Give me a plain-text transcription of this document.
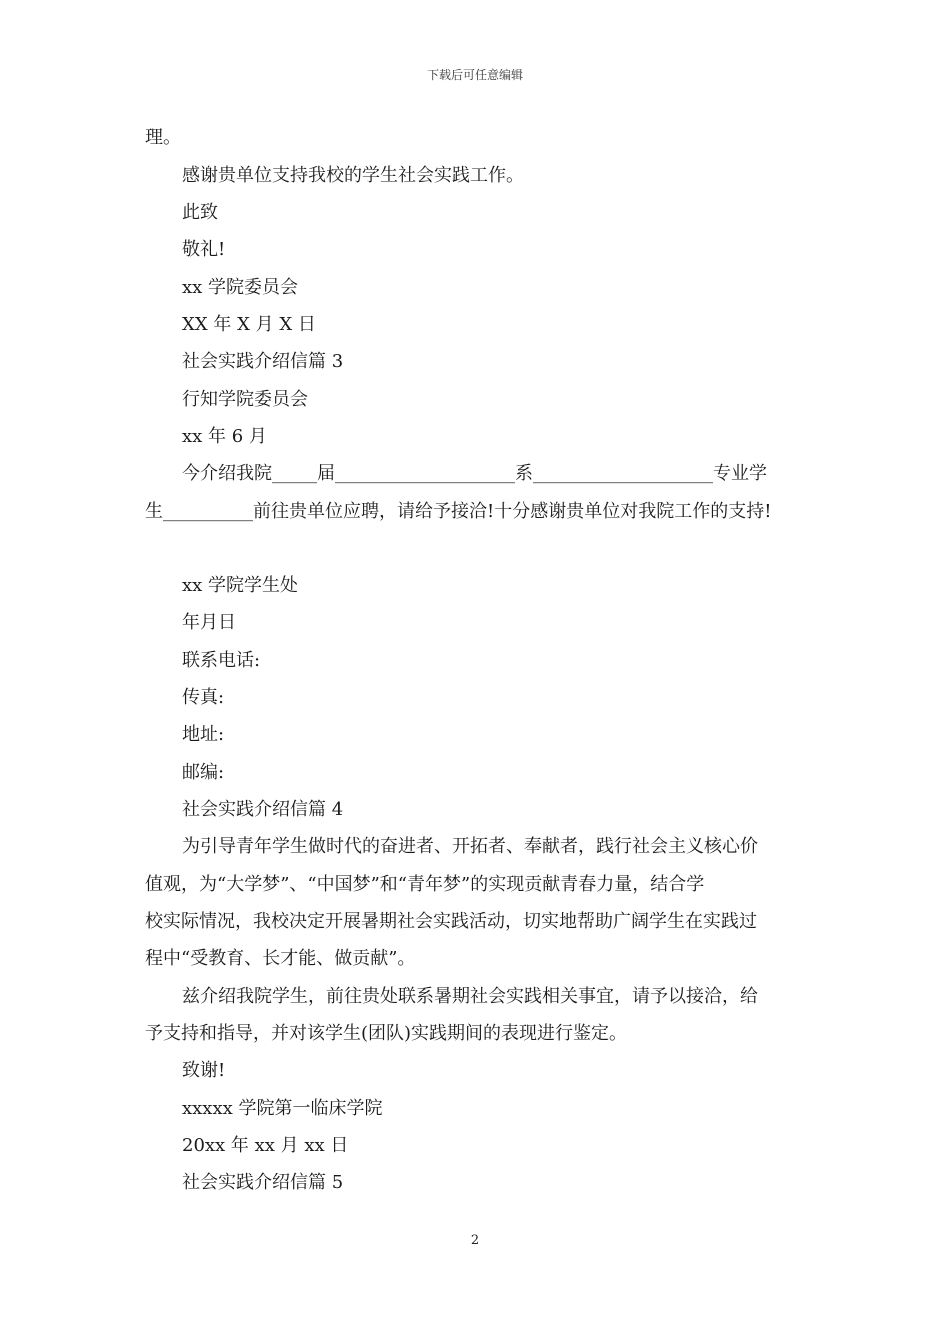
下载后可任意编辑
理。
感谢贵单位支持我校的学生社会实践工作。
此致
敬礼!
xx 学院委员会
XX 年 X 月 X 日
社会实践介绍信篇 3
行知学院委员会
xx 年 6 月
今介绍我院_____届____________________系____________________专业学
生__________前往贵单位应聘，请给予接洽!十分感谢贵单位对我院工作的支持!
xx 学院学生处
年月日
联系电话:
传真:
地址:
邮编:
社会实践介绍信篇 4
为引导青年学生做时代的奋进者、开拓者、奉献者，践行社会主义核心价
值观，为“大学梦”、“中国梦”和“青年梦”的实现贡献青春力量，结合学
校实际情况，我校决定开展暑期社会实践活动，切实地帮助广阔学生在实践过
程中“受教育、长才能、做贡献”。
兹介绍我院学生，前往贵处联系暑期社会实践相关事宜，请予以接洽，给
予支持和指导，并对该学生(团队)实践期间的表现进行鉴定。
致谢!
xxxxx 学院第一临床学院
20xx 年 xx 月 xx 日
社会实践介绍信篇 5
2
